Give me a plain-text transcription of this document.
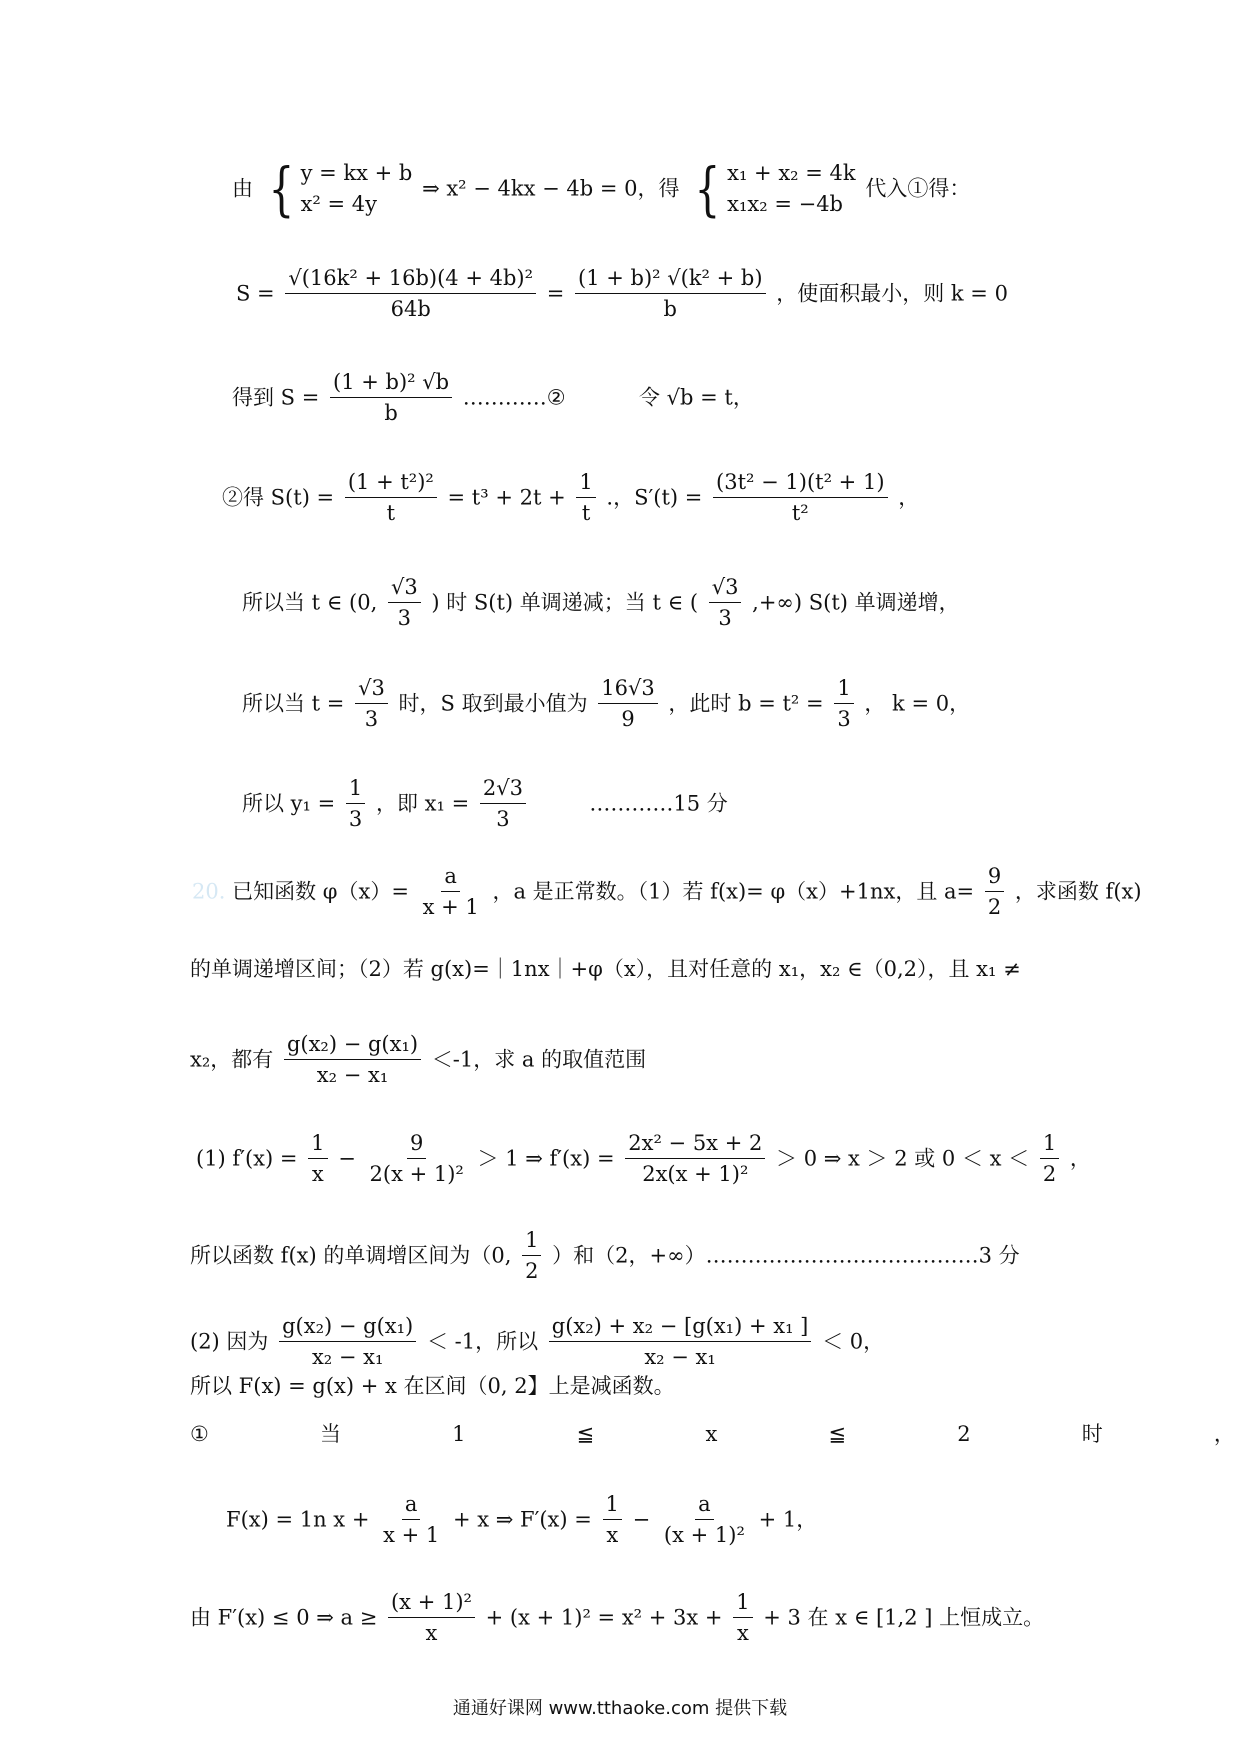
由 { y = kx + b
x² = 4y
⇒ x² − 4kx − 4b = 0，得 { x₁ + x₂ = 4k
x₁x₂ = −4b
代入①得：
$S = \frac{\text{√(16k² + 16b)(4 + 4b)²}}{64b} = \frac{\text{(1 + b)² √(k² + b)}}{b}$ ，使面积最小，则 k = 0
得到 $S = \frac{\text{(1 + b)² √b}}{b}$ …………②	令 √b = t，
②得 $S(t) = \frac{\text{(1 + t²)²}}{t} = t^3 + 2t + \frac{1}{t}$ .，$S'(t) = \frac{\text{(3t² − 1)(t² + 1)}}{\text{t²}}$ ，
所以当 t ∈ (0, $\frac{√3}{3}$ ) 时 S(t) 单调递减；当 t ∈ ( $\frac{√3}{3}$ ,+∞) S(t) 单调递增，
所以当 $t = \frac{√3}{3}$ 时，S 取到最小值为 $\frac{16√3}{9}$ ，此时 $b = t^2 = \frac{1}{3}$ ， k = 0，
所以 $y_1 = \frac{1}{3}$ ，即 $x_1 = \frac{2√3}{3}$	…………15 分
20. 已知函数 $\varphi(x)= \frac{a}{x + 1}$ ，a 是正常数。（1）若 f(x)= φ（x）+1nx，且 $a= \frac{9}{2}$ ，求函数 f(x)
的单调递增区间；（2）若 g(x)=｜1nx｜+φ（x），且对任意的 x₁，x₂ ∈（0,2），且 x₁ ≠
x₂，都有 $\frac{\text{g(x₂) − g(x₁)}}{\text{x₂ − x₁}} <-1$，求 a 的取值范围
(1) $f'(x) = \frac{1}{x} - \frac{9}{\text{2(x + 1)²}} > 1$ ⇒ $f'(x) = \frac{\text{2x² − 5x + 2}}{\text{2x(x + 1)²}} > 0$ ⇒ x ＞ 2 或 $0 < x < \frac{1}{2}$ ，
所以函数 f(x) 的单调增区间为（0, $\frac{1}{2}$ ）和（2，+∞）…………………………………3 分
(2) 因为 $\frac{\text{g(x₂) − g(x₁)}}{\text{x₂ − x₁}} < -1$，所以 $\frac{\text{g(x₂) + x₂ − [g(x₁) + x₁ ]}}{\text{x₂ − x₁}} < 0$，
所以 F(x) = g(x) + x 在区间（0, 2】上是减函数。
①	当	1	≦	x	≦	2	时	，
F(x) = 1n $x + \frac{a}{x + 1} + x$ ⇒ $F'(x) = \frac{1}{x} - \frac{a}{\text{(x + 1)²}} + 1$，
由 F′(x) ≤ 0 ⇒ $a \ge \frac{\text{(x + 1)²}}{x} + (x + 1)^2 = x^2 + 3x + \frac{1}{x} + 3$ 在 x ∈ [1,2 ] 上恒成立。
通通好课网 www.tthaoke.com 提供下载
